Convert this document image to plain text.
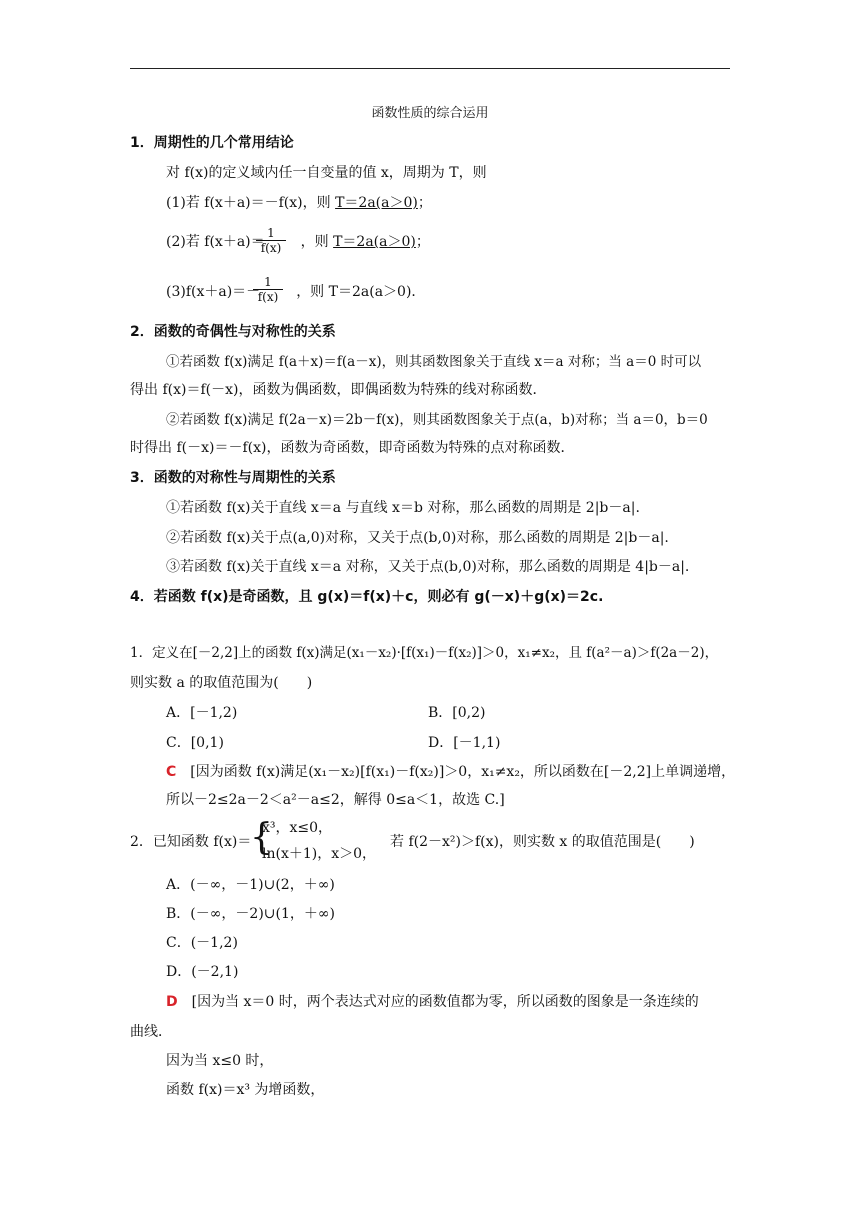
函数性质的综合运用
1．周期性的几个常用结论
对 f(x)的定义域内任一自变量的值 x，周期为 T，则
(1)若 f(x＋a)＝－f(x)，则 T＝2a(a＞0)；
(2)若 f(x＋a)＝	，则 T＝2a(a＞0)；
$\frac{1}{f(x)}$
(3)f(x＋a)＝－	，则 T＝2a(a＞0)．
$\frac{1}{f(x)}$
2．函数的奇偶性与对称性的关系
①若函数 f(x)满足 f(a＋x)＝f(a－x)，则其函数图象关于直线 x＝a 对称；当 a＝0 时可以
得出 f(x)＝f(－x)，函数为偶函数，即偶函数为特殊的线对称函数．
②若函数 f(x)满足 f(2a－x)＝2b－f(x)，则其函数图象关于点(a，b)对称；当 a＝0，b＝0
时得出 f(－x)＝－f(x)，函数为奇函数，即奇函数为特殊的点对称函数．
3．函数的对称性与周期性的关系
①若函数 f(x)关于直线 x＝a 与直线 x＝b 对称，那么函数的周期是 2|b－a|.
②若函数 f(x)关于点(a,0)对称，又关于点(b,0)对称，那么函数的周期是 2|b－a|.
③若函数 f(x)关于直线 x＝a 对称，又关于点(b,0)对称，那么函数的周期是 4|b－a|.
4．若函数 f(x)是奇函数，且 g(x)＝f(x)＋c，则必有 g(－x)＋g(x)＝2c.
1．定义在[－2,2]上的函数 f(x)满足(x₁－x₂)·[f(x₁)－f(x₂)]＞0，x₁≠x₂，且 f(a²－a)＞f(2a－2)，
则实数 a 的取值范围为(　　)
A．[－1,2)	B．[0,2)
C．[0,1)	D．[－1,1)
C  [因为函数 f(x)满足(x₁－x₂)[f(x₁)－f(x₂)]＞0，x₁≠x₂，所以函数在[－2,2]上单调递增，
所以－2≤2a－2＜a²－a≤2，解得 0≤a＜1，故选 C.]
2．已知函数 f(x)＝
{
x³，x≤0，
ln(x＋1)，x＞0，
若 f(2－x²)＞f(x)，则实数 x 的取值范围是(　　)
A．(－∞，－1)∪(2，＋∞)
B．(－∞，－2)∪(1，＋∞)
C．(－1,2)
D．(－2,1)
D  [因为当 x＝0 时，两个表达式对应的函数值都为零，所以函数的图象是一条连续的
曲线．
因为当 x≤0 时，
函数 f(x)＝x³ 为增函数，
